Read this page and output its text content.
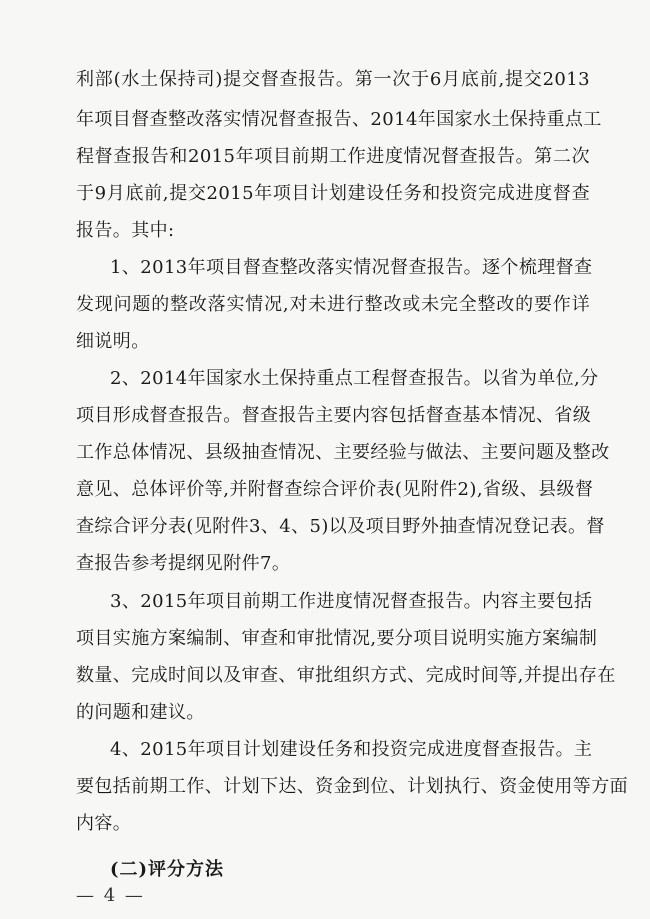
利部(水土保持司)提交督查报告。第一次于6月底前,提交2013
年项目督查整改落实情况督查报告、2014年国家水土保持重点工
程督查报告和2015年项目前期工作进度情况督查报告。第二次
于9月底前,提交2015年项目计划建设任务和投资完成进度督查
报告。其中:
1、2013年项目督查整改落实情况督查报告。逐个梳理督查
发现问题的整改落实情况,对未进行整改或未完全整改的要作详
细说明。
2、2014年国家水土保持重点工程督查报告。以省为单位,分
项目形成督查报告。督查报告主要内容包括督查基本情况、省级
工作总体情况、县级抽查情况、主要经验与做法、主要问题及整改
意见、总体评价等,并附督查综合评价表(见附件2),省级、县级督
查综合评分表(见附件3、4、5)以及项目野外抽查情况登记表。督
查报告参考提纲见附件7。
3、2015年项目前期工作进度情况督查报告。内容主要包括
项目实施方案编制、审查和审批情况,要分项目说明实施方案编制
数量、完成时间以及审查、审批组织方式、完成时间等,并提出存在
的问题和建议。
4、2015年项目计划建设任务和投资完成进度督查报告。主
要包括前期工作、计划下达、资金到位、计划执行、资金使用等方面
内容。
(二)评分方法
— 4 —
